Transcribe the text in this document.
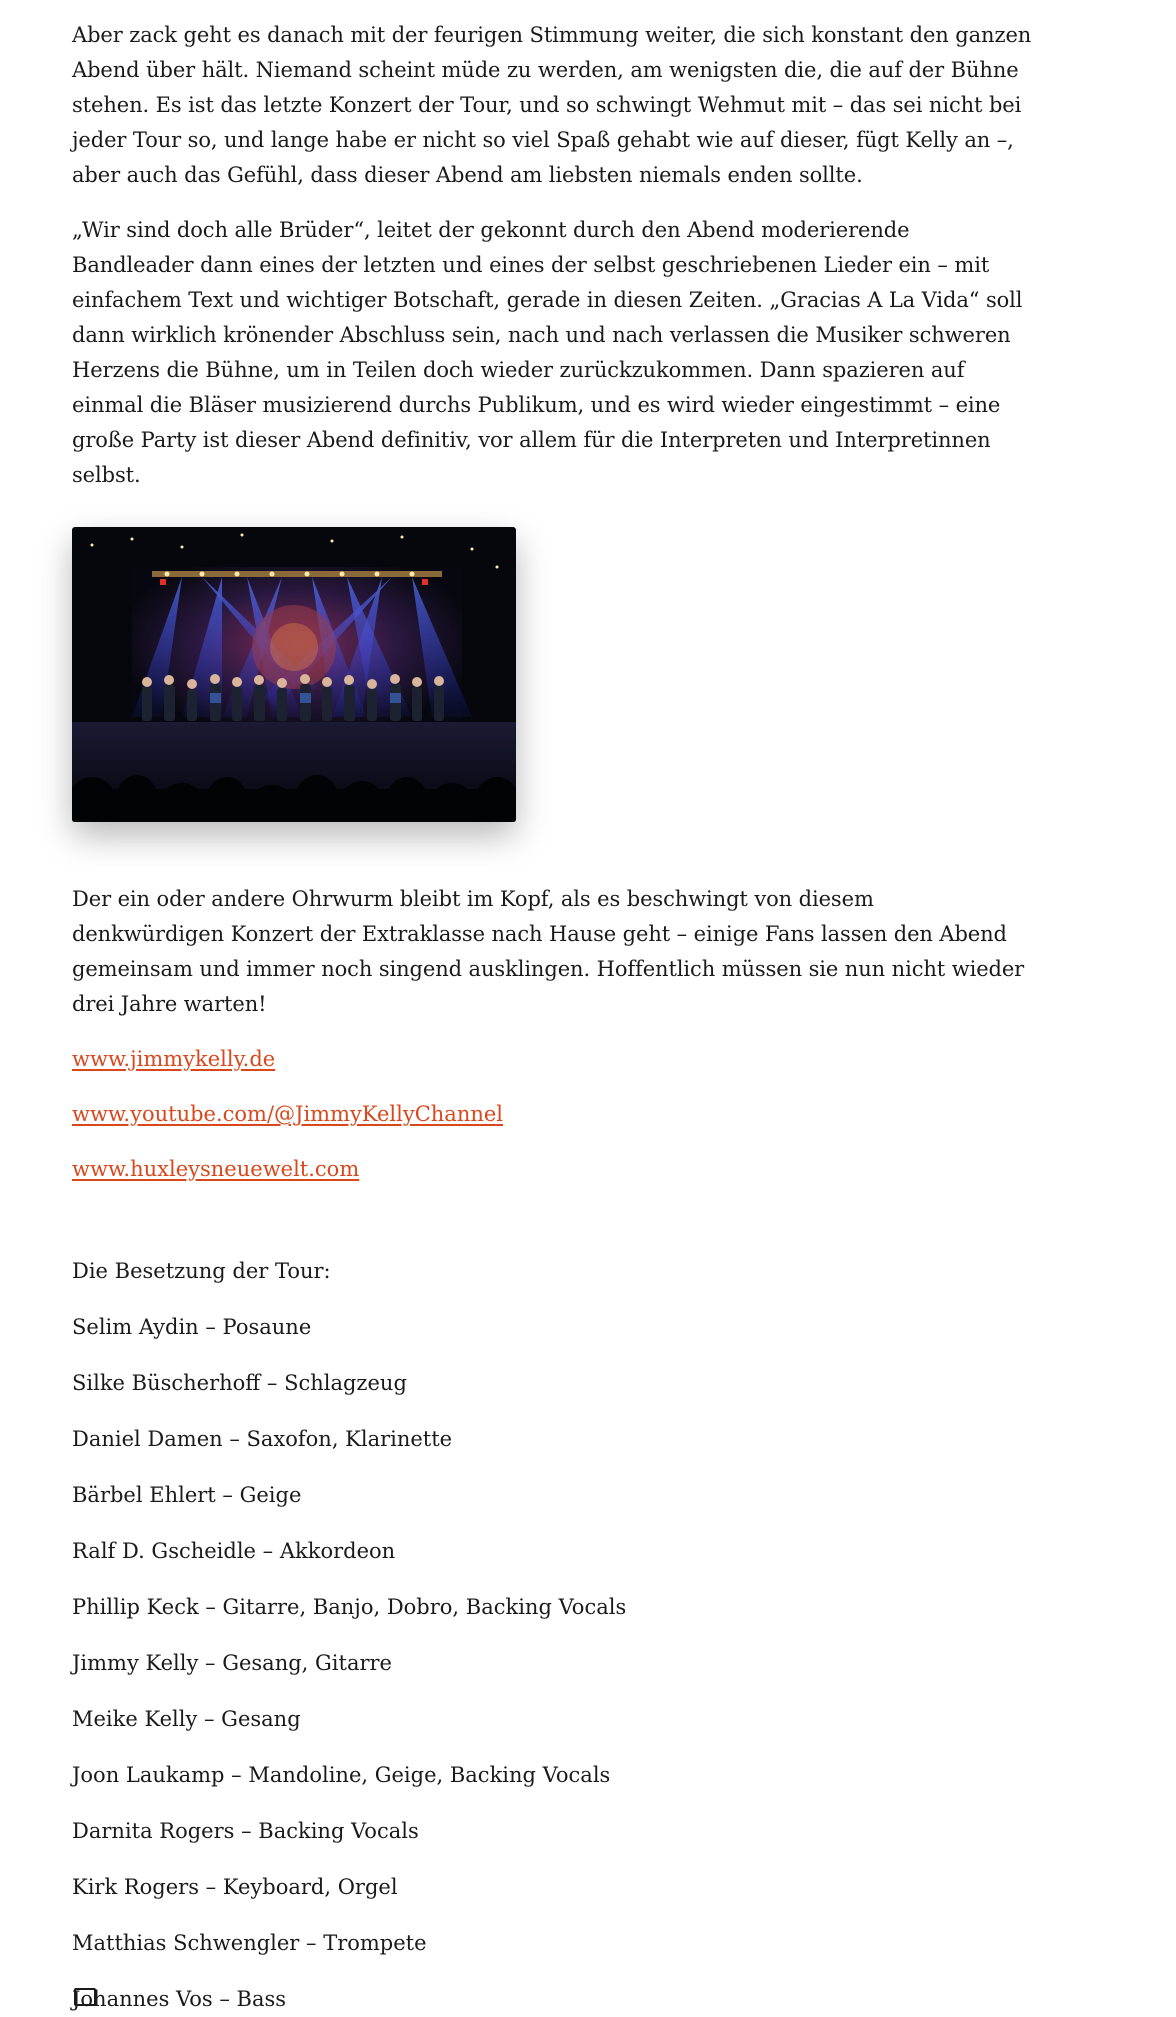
Aber zack geht es danach mit der feurigen Stimmung weiter, die sich konstant den ganzen Abend über hält. Niemand scheint müde zu werden, am wenigsten die, die auf der Bühne stehen. Es ist das letzte Konzert der Tour, und so schwingt Wehmut mit – das sei nicht bei jeder Tour so, und lange habe er nicht so viel Spaß gehabt wie auf dieser, fügt Kelly an –, aber auch das Gefühl, dass dieser Abend am liebsten niemals enden sollte.

„Wir sind doch alle Brüder“, leitet der gekonnt durch den Abend moderierende Bandleader dann eines der letzten und eines der selbst geschriebenen Lieder ein – mit einfachem Text und wichtiger Botschaft, gerade in diesen Zeiten. „Gracias A La Vida“ soll dann wirklich krönender Abschluss sein, nach und nach verlassen die Musiker schweren Herzens die Bühne, um in Teilen doch wieder zurückzukommen. Dann spazieren auf einmal die Bläser musizierend durchs Publikum, und es wird wieder eingestimmt – eine große Party ist dieser Abend definitiv, vor allem für die Interpreten und Interpretinnen selbst.

Der ein oder andere Ohrwurm bleibt im Kopf, als es beschwingt von diesem denkwürdigen Konzert der Extraklasse nach Hause geht – einige Fans lassen den Abend gemeinsam und immer noch singend ausklingen. Hoffentlich müssen sie nun nicht wieder drei Jahre warten!

www.jimmykelly.de

www.youtube.com/@JimmyKellyChannel

www.huxleysneuewelt.com

Die Besetzung der Tour:

Selim Aydin – Posaune
Silke Büscherhoff – Schlagzeug
Daniel Damen – Saxofon, Klarinette
Bärbel Ehlert – Geige
Ralf D. Gscheidle – Akkordeon
Phillip Keck – Gitarre, Banjo, Dobro, Backing Vocals
Jimmy Kelly – Gesang, Gitarre
Meike Kelly – Gesang
Joon Laukamp – Mandoline, Geige, Backing Vocals
Darnita Rogers – Backing Vocals
Kirk Rogers – Keyboard, Orgel
Matthias Schwengler – Trompete
Johannes Vos – Bass
